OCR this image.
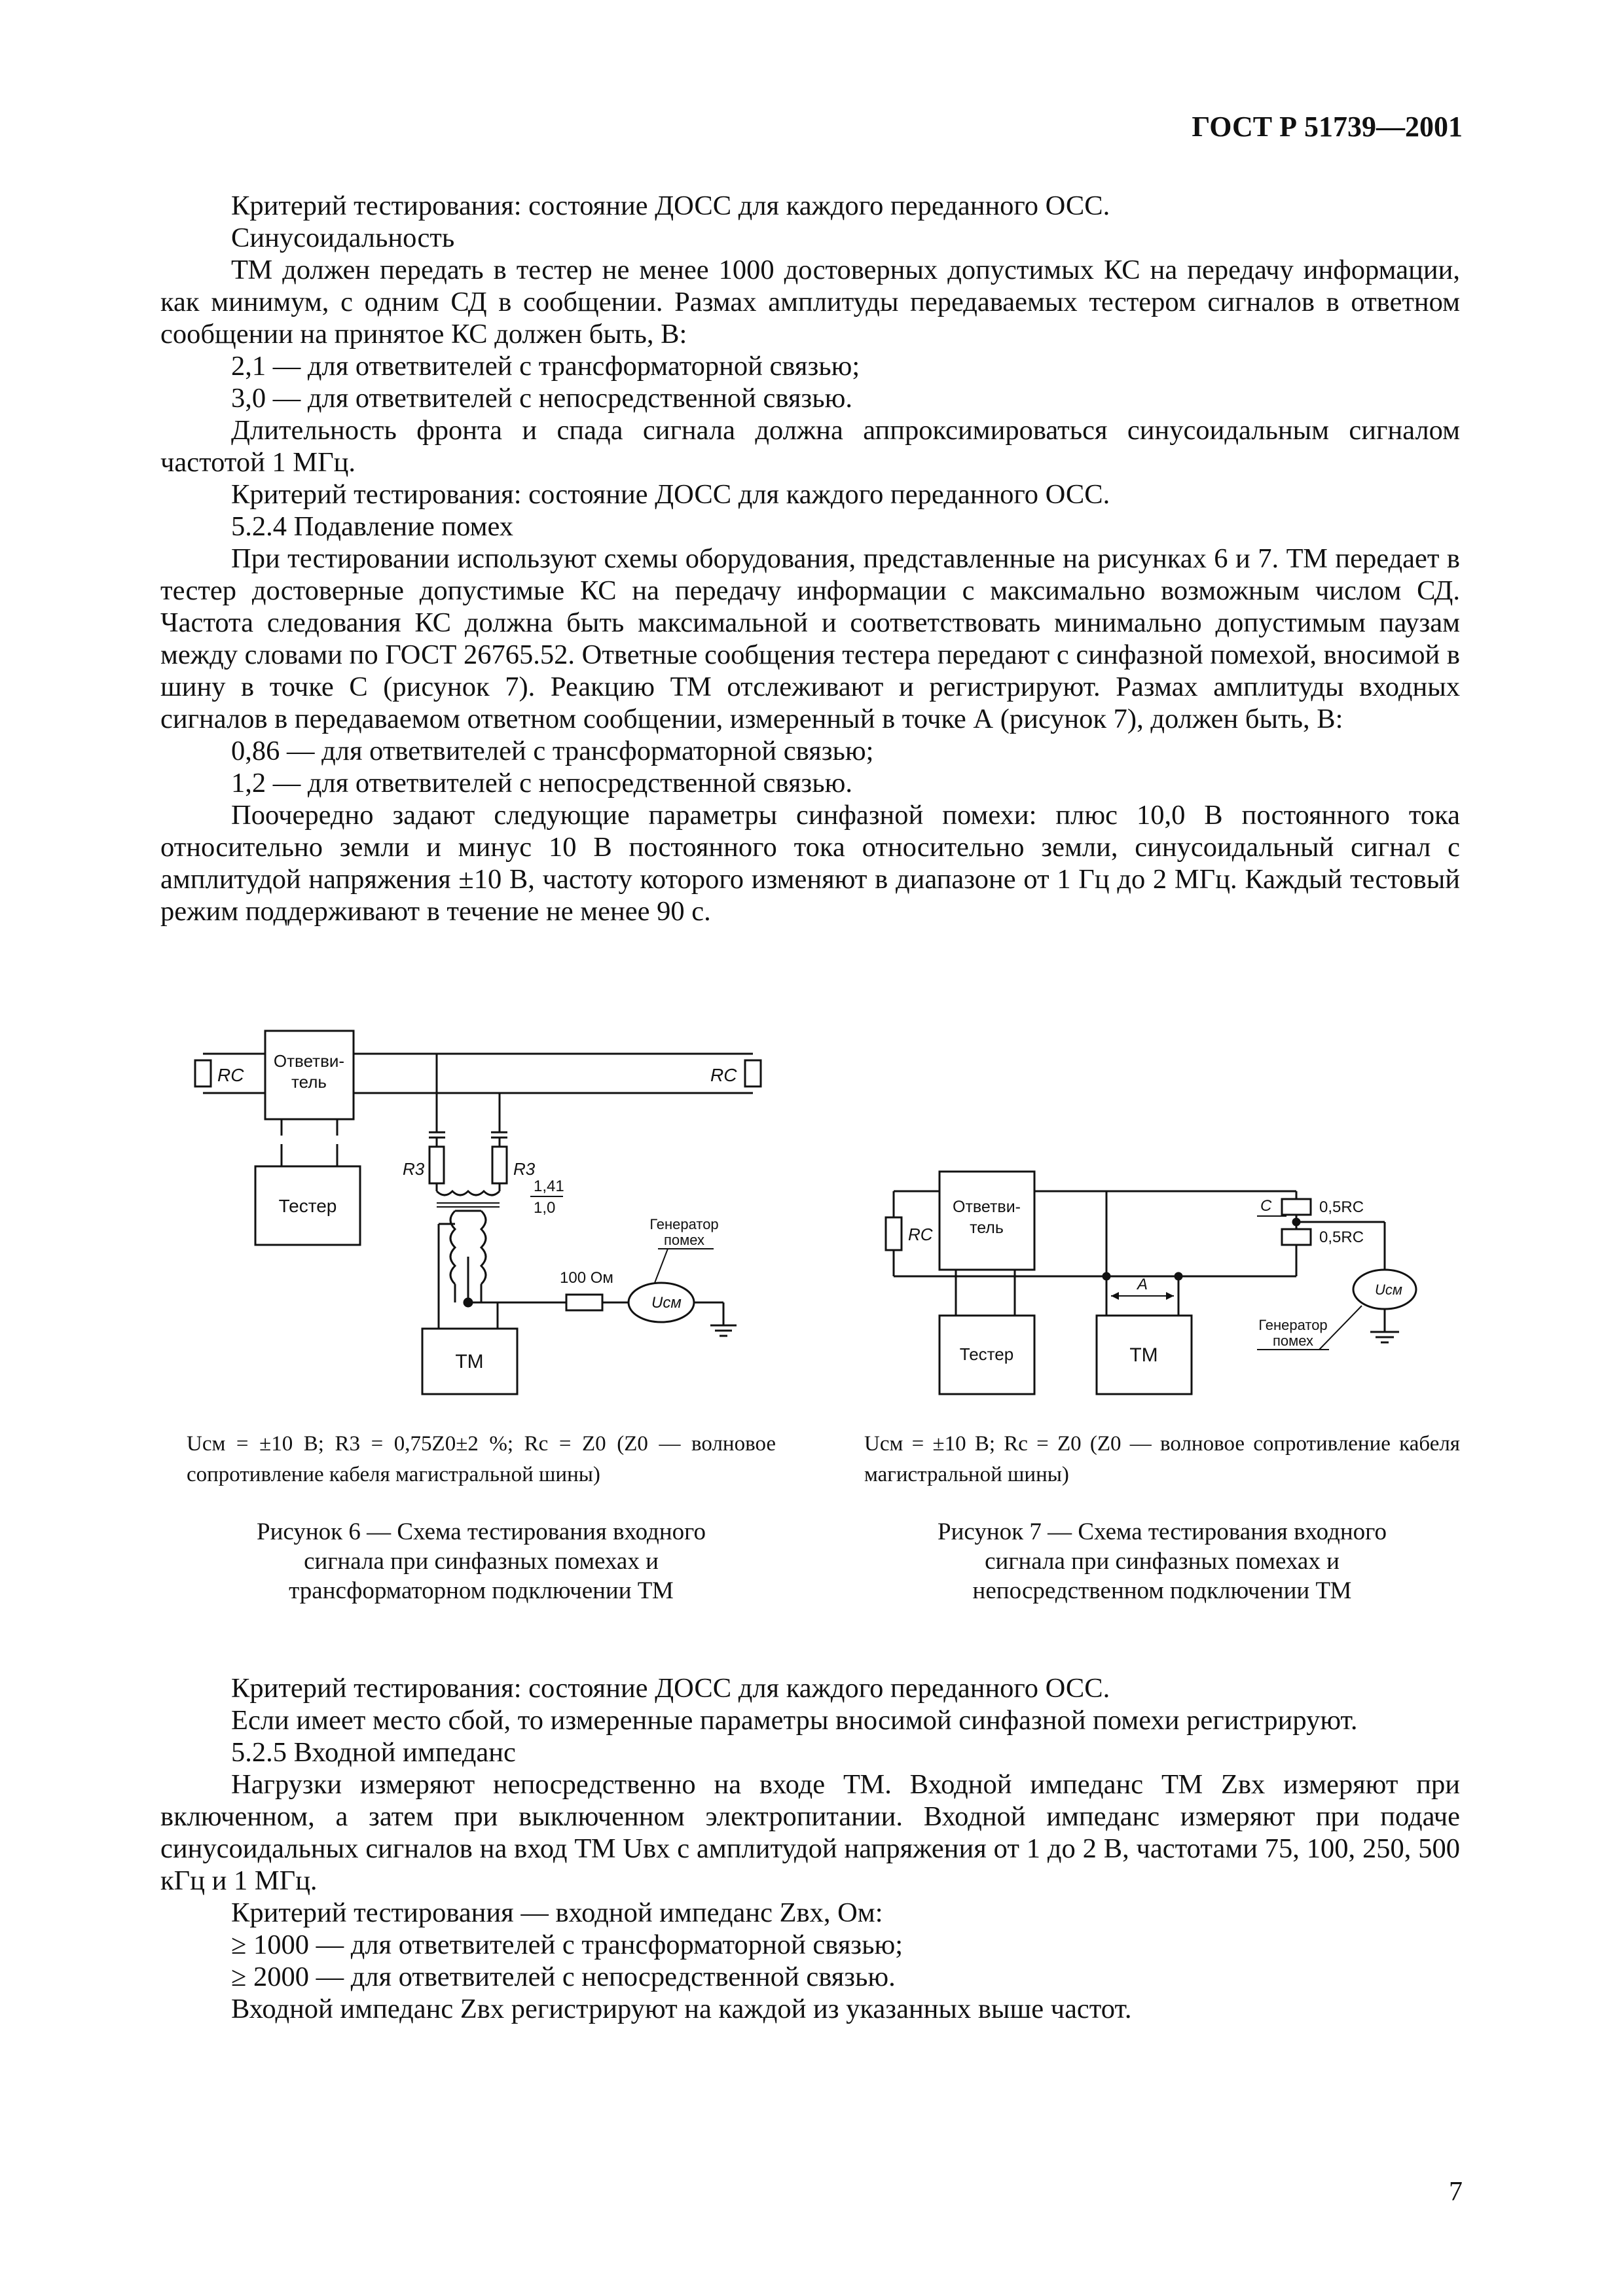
ГОСТ Р 51739—2001

Критерий тестирования: состояние ДОСС для каждого переданного ОСС.

Синусоидальность

ТМ должен передать в тестер не менее 1000 достоверных допустимых КС на передачу информации, как минимум, с одним СД в сообщении. Размах амплитуды передаваемых тестером сигналов в ответном сообщении на принятое КС должен быть, В:

2,1 — для ответвителей с трансформаторной связью;

3,0 — для ответвителей с непосредственной связью.

Длительность фронта и спада сигнала должна аппроксимироваться синусоидальным сигналом частотой 1 МГц.

Критерий тестирования: состояние ДОСС для каждого переданного ОСС.

5.2.4 Подавление помех

При тестировании используют схемы оборудования, представленные на рисунках 6 и 7. ТМ передает в тестер достоверные допустимые КС на передачу информации с максимально возможным числом СД. Частота следования КС должна быть максимальной и соответствовать минимально допустимым паузам между словами по ГОСТ 26765.52. Ответные сообщения тестера передают с синфазной помехой, вносимой в шину в точке С (рисунок 7). Реакцию ТМ отслеживают и регистрируют. Размах амплитуды входных сигналов в передаваемом ответном сообщении, измеренный в точке А (рисунок 7), должен быть, В:

0,86 — для ответвителей с трансформаторной связью;

1,2 — для ответвителей с непосредственной связью.

Поочередно задают следующие параметры синфазной помехи: плюс 10,0 В постоянного тока относительно земли и минус 10 В постоянного тока относительно земли, синусоидальный сигнал с амплитудой напряжения ±10 В, частоту которого изменяют в диапазоне от 1 Гц до 2 МГц. Каждый тестовый режим поддерживают в течение не менее 90 с.

RС	RС
Ответви-
тель
Тестер
R3	R3
1,41
1,0
100 Ом
Uсм
Генератор
помех
ТМ
RС
Ответви-
тель
Тестер
А
ТМ
0,5RС
0,5RС
С
Uсм
Генератор
помех
Uсм = ±10 В; R3 = 0,75Z0±2 %; Rс = Z0 (Z0 — волновое сопротивление кабеля магистральной шины)
Uсм = ±10 В; Rс = Z0 (Z0 — волновое сопротивление кабеля магистральной шины)
Рисунок 6 — Схема тестирования входного
сигнала при синфазных помехах и
трансформаторном подключении ТМ
Рисунок 7 — Схема тестирования входного
сигнала при синфазных помехах и
непосредственном подключении ТМ

Критерий тестирования: состояние ДОСС для каждого переданного ОСС.

Если имеет место сбой, то измеренные параметры вносимой синфазной помехи регистрируют.

5.2.5 Входной импеданс

Нагрузки измеряют непосредственно на входе ТМ. Входной импеданс ТМ Zвх измеряют при включенном, а затем при выключенном электропитании. Входной импеданс измеряют при подаче синусоидальных сигналов на вход ТМ Uвх с амплитудой напряжения от 1 до 2 В, частотами 75, 100, 250, 500 кГц и 1 МГц.

Критерий тестирования — входной импеданс Zвх, Ом:

≥ 1000 — для ответвителей с трансформаторной связью;

≥ 2000 — для ответвителей с непосредственной связью.

Входной импеданс Zвх регистрируют на каждой из указанных выше частот.

7
